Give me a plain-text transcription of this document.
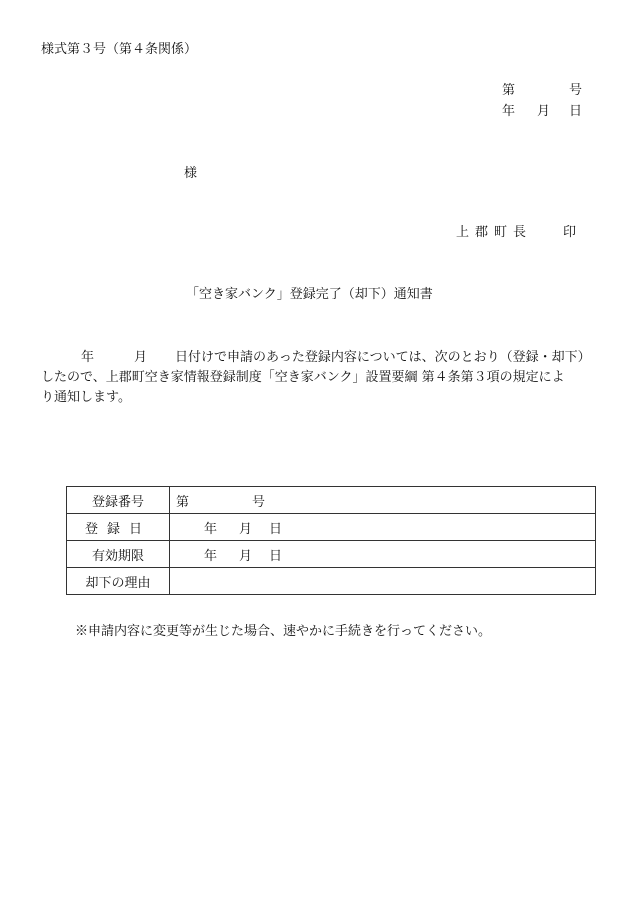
様式第３号（第４条関係）
第	号
年 月 日
様
上郡町長 印
「空き家バンク」登録完了（却下）通知書
年	月 日付けで申請のあった登録内容については、次のとおり（登録・却下）
したので、上郡町空き家情報登録制度「空き家バンク」設置要綱 第４条第３項の規定によ
り通知します。
登録番号	第 号
登録日	年 月 日
有効期限	年 月 日
却下の理由	
※申請内容に変更等が生じた場合、速やかに手続きを行ってください。
